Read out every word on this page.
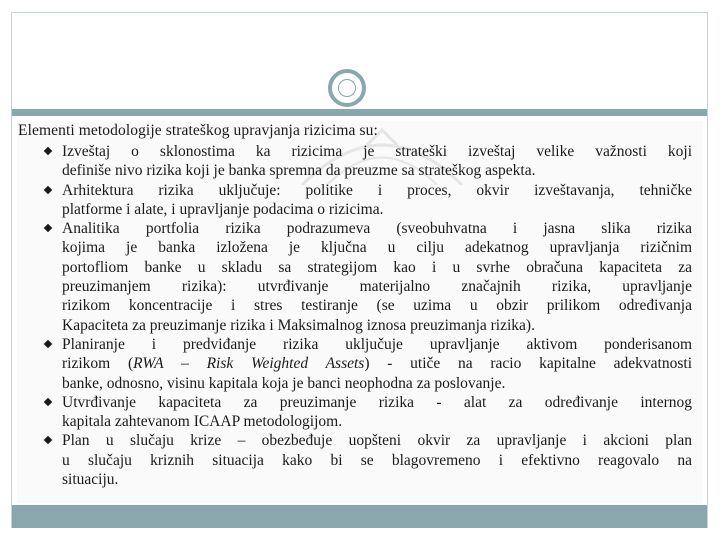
Elementi metodologije strateškog upravjanja rizicima su:
Izveštaj o sklonostima ka rizicima je strateški izveštaj velike važnosti koji
definiše nivo rizika koji je banka spremna da preuzme sa strateškog aspekta.
Arhitektura rizika uključuje: politike i proces, okvir izveštavanja, tehničke
platforme i alate, i upravljanje podacima o rizicima.
Analitika portfolia rizika podrazumeva (sveobuhvatna i jasna slika rizika
kojima je banka izložena je ključna u cilju adekatnog upravljanja rizičnim
portofliom banke u skladu sa strategijom kao i u svrhe obračuna kapaciteta za
preuzimanjem rizika): utvrđivanje materijalno značajnih rizika, upravljanje
rizikom koncentracije i stres testiranje (se uzima u obzir prilikom određivanja
Kapaciteta za preuzimanje rizika i Maksimalnog iznosa preuzimanja rizika).
Planiranje i predviđanje rizika uključuje upravljanje aktivom ponderisanom
rizikom (RWA – Risk Weighted Assets) - utiče na racio kapitalne adekvatnosti
banke, odnosno, visinu kapitala koja je banci neophodna za poslovanje.
Utvrđivanje kapaciteta za preuzimanje rizika - alat za određivanje internog
kapitala zahtevanom ICAAP metodologijom.
Plan u slučaju krize – obezbeđuje uopšteni okvir za upravljanje i akcioni plan
u slučaju kriznih situacija kako bi se blagovremeno i efektivno reagovalo na
situaciju.
